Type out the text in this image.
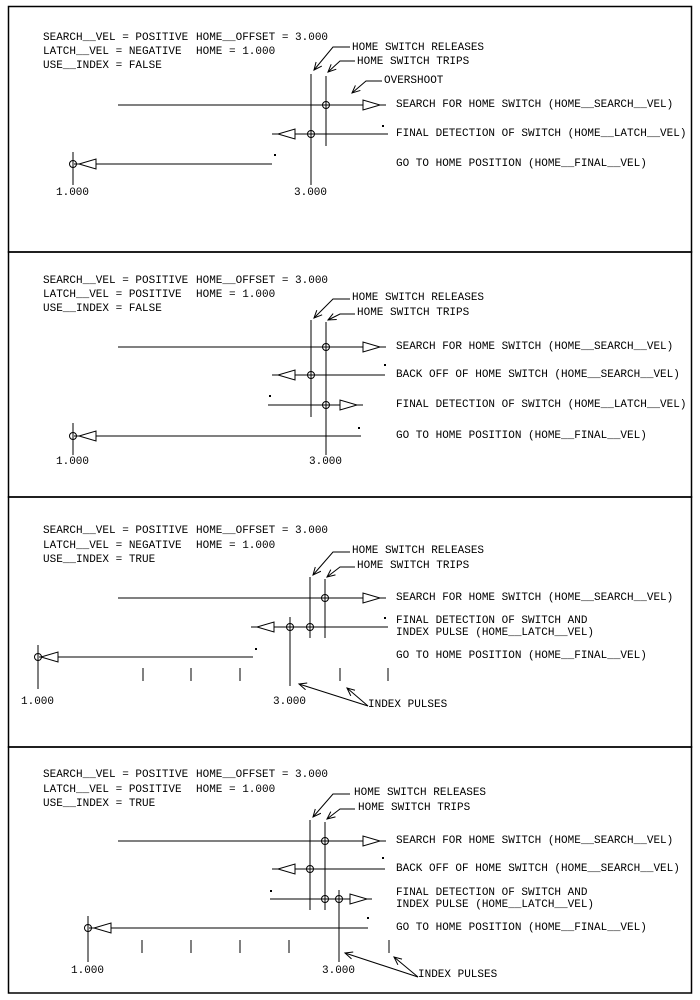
SEARCH__VEL = POSITIVE
LATCH__VEL = NEGATIVE
USE__INDEX = FALSE
HOME__OFFSET = 3.000
HOME = 1.000	HOME SWITCH RELEASES
HOME SWITCH TRIPS
OVERSHOOT
SEARCH FOR HOME SWITCH (HOME__SEARCH__VEL)
FINAL DETECTION OF SWITCH (HOME__LATCH__VEL)
GO TO HOME POSITION (HOME__FINAL__VEL)
1.000	3.000
SEARCH__VEL = POSITIVE
LATCH__VEL = POSITIVE
USE__INDEX = FALSE
HOME__OFFSET = 3.000
HOME = 1.000	HOME SWITCH RELEASES
HOME SWITCH TRIPS
SEARCH FOR HOME SWITCH (HOME__SEARCH__VEL)
BACK OFF OF HOME SWITCH (HOME__SEARCH__VEL)
FINAL DETECTION OF SWITCH (HOME__LATCH__VEL)
GO TO HOME POSITION (HOME__FINAL__VEL)
1.000	3.000
SEARCH__VEL = POSITIVE
LATCH__VEL = NEGATIVE
USE__INDEX = TRUE
HOME__OFFSET = 3.000
HOME = 1.000	HOME SWITCH RELEASES
HOME SWITCH TRIPS
SEARCH FOR HOME SWITCH (HOME__SEARCH__VEL)
FINAL DETECTION OF SWITCH AND
INDEX PULSE (HOME__LATCH__VEL)
GO TO HOME POSITION (HOME__FINAL__VEL)
1.000	3.000	INDEX PULSES
SEARCH__VEL = POSITIVE
LATCH__VEL = POSITIVE
USE__INDEX = TRUE
HOME__OFFSET = 3.000
HOME = 1.000	HOME SWITCH RELEASES
HOME SWITCH TRIPS
SEARCH FOR HOME SWITCH (HOME__SEARCH__VEL)
BACK OFF OF HOME SWITCH (HOME__SEARCH__VEL)
FINAL DETECTION OF SWITCH AND
INDEX PULSE (HOME__LATCH__VEL)
GO TO HOME POSITION (HOME__FINAL__VEL)
1.000	3.000	INDEX PULSES
